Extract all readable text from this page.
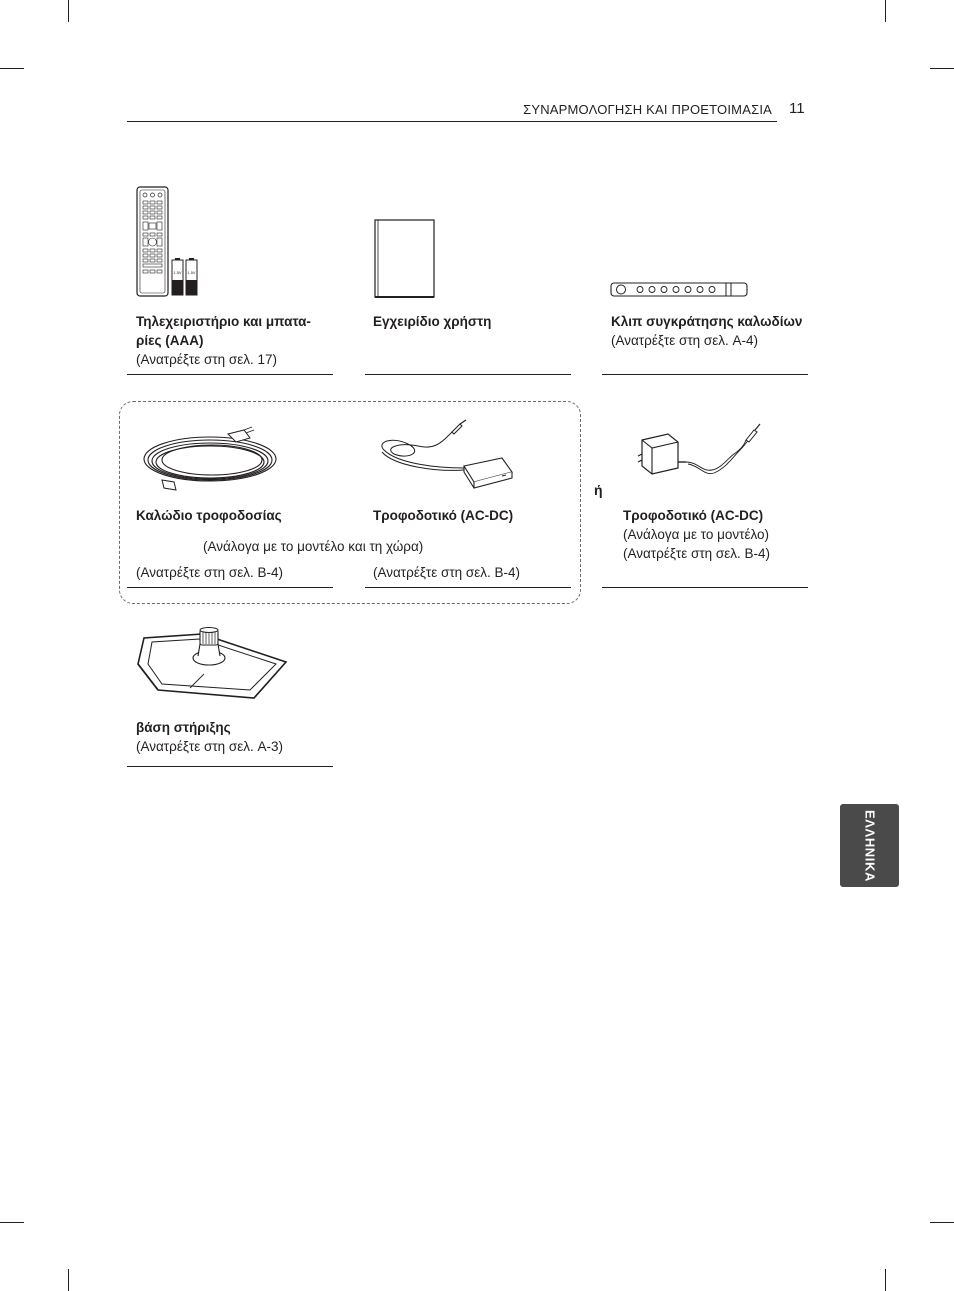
ΣΥΝΑΡΜΟΛΟΓΗΣΗ ΚΑΙ ΠΡΟΕΤΟΙΜΑΣΙΑ 11
ΕΛΛΗΝΙΚΑ
1.5V 1.5V
Τηλεχειριστήριο και μπατα-
ρίες (AAA)
(Ανατρέξτε στη σελ. 17)
Εγχειρίδιο χρήστη	Κλιπ συγκράτησης καλωδίων
(Ανατρέξτε στη σελ. A-4)
Καλώδιο τροφοδοσίας
(Ανατρέξτε στη σελ. B-4)
Τροφοδοτικό (AC-DC)
(Ανατρέξτε στη σελ. B-4)
(Ανάλογα με το μοντέλο και τη χώρα)
ή
Τροφοδοτικό (AC-DC)
(Ανάλογα με το μοντέλο)
(Ανατρέξτε στη σελ. B-4)
βάση στήριξης
(Ανατρέξτε στη σελ. A-3)
